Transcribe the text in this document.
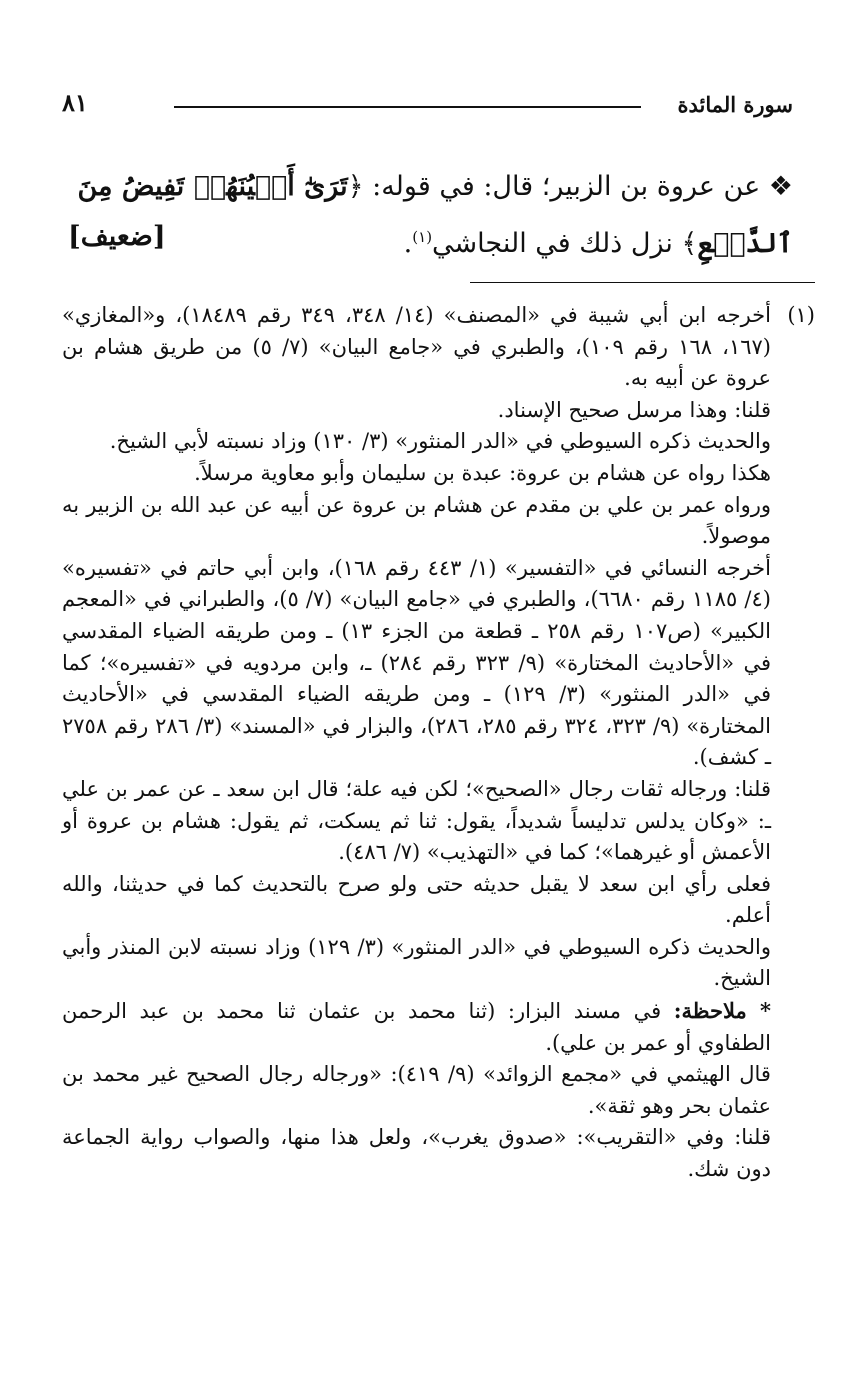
سورة المائدة
٨١
❖ عن عروة بن الزبير؛ قال: في قوله: ﴿تَرَىٰٓ أَعۡيُنَهُمۡ تَفِيضُ مِنَ
ٱلدَّمۡعِ﴾ نزل ذلك في النجاشي$^{(١)}$.
[ضعيف]
(١)

أخرجه ابن أبي شيبة في «المصنف» (١٤/ ٣٤٨، ٣٤٩ رقم ١٨٤٨٩)، و«المغازي» (١٦٧، ١٦٨ رقم ١٠٩)، والطبري في «جامع البيان» (٧/ ٥) من طريق هشام بن عروة عن أبيه به.

قلنا: وهذا مرسل صحيح الإسناد.

والحديث ذكره السيوطي في «الدر المنثور» (٣/ ١٣٠) وزاد نسبته لأبي الشيخ.

هكذا رواه عن هشام بن عروة: عبدة بن سليمان وأبو معاوية مرسلاً.

ورواه عمر بن علي بن مقدم عن هشام بن عروة عن أبيه عن عبد الله بن الزبير به موصولاً.

أخرجه النسائي في «التفسير» (١/ ٤٤٣ رقم ١٦٨)، وابن أبي حاتم في «تفسيره» (٤/ ١١٨٥ رقم ٦٦٨٠)، والطبري في «جامع البيان» (٧/ ٥)، والطبراني في «المعجم الكبير» (ص١٠٧ رقم ٢٥٨ ـ قطعة من الجزء ١٣) ـ ومن طريقه الضياء المقدسي في «الأحاديث المختارة» (٩/ ٣٢٣ رقم ٢٨٤) ـ، وابن مردويه في «تفسيره»؛ كما في «الدر المنثور» (٣/ ١٢٩) ـ ومن طريقه الضياء المقدسي في «الأحاديث المختارة» (٩/ ٣٢٣، ٣٢٤ رقم ٢٨٥، ٢٨٦)، والبزار في «المسند» (٣/ ٢٨٦ رقم ٢٧٥٨ ـ كشف).

قلنا: ورجاله ثقات رجال «الصحيح»؛ لكن فيه علة؛ قال ابن سعد ـ عن عمر بن علي ـ: «وكان يدلس تدليساً شديداً، يقول: ثنا ثم يسكت، ثم يقول: هشام بن عروة أو الأعمش أو غيرهما»؛ كما في «التهذيب» (٧/ ٤٨٦).

فعلى رأي ابن سعد لا يقبل حديثه حتى ولو صرح بالتحديث كما في حديثنا، والله أعلم.

والحديث ذكره السيوطي في «الدر المنثور» (٣/ ١٢٩) وزاد نسبته لابن المنذر وأبي الشيخ.

* ملاحظة: في مسند البزار: (ثنا محمد بن عثمان ثنا محمد بن عبد الرحمن الطفاوي أو عمر بن علي).

قال الهيثمي في «مجمع الزوائد» (٩/ ٤١٩): «ورجاله رجال الصحيح غير محمد بن عثمان بحر وهو ثقة».

قلنا: وفي «التقريب»: «صدوق يغرب»، ولعل هذا منها، والصواب رواية الجماعة دون شك.
